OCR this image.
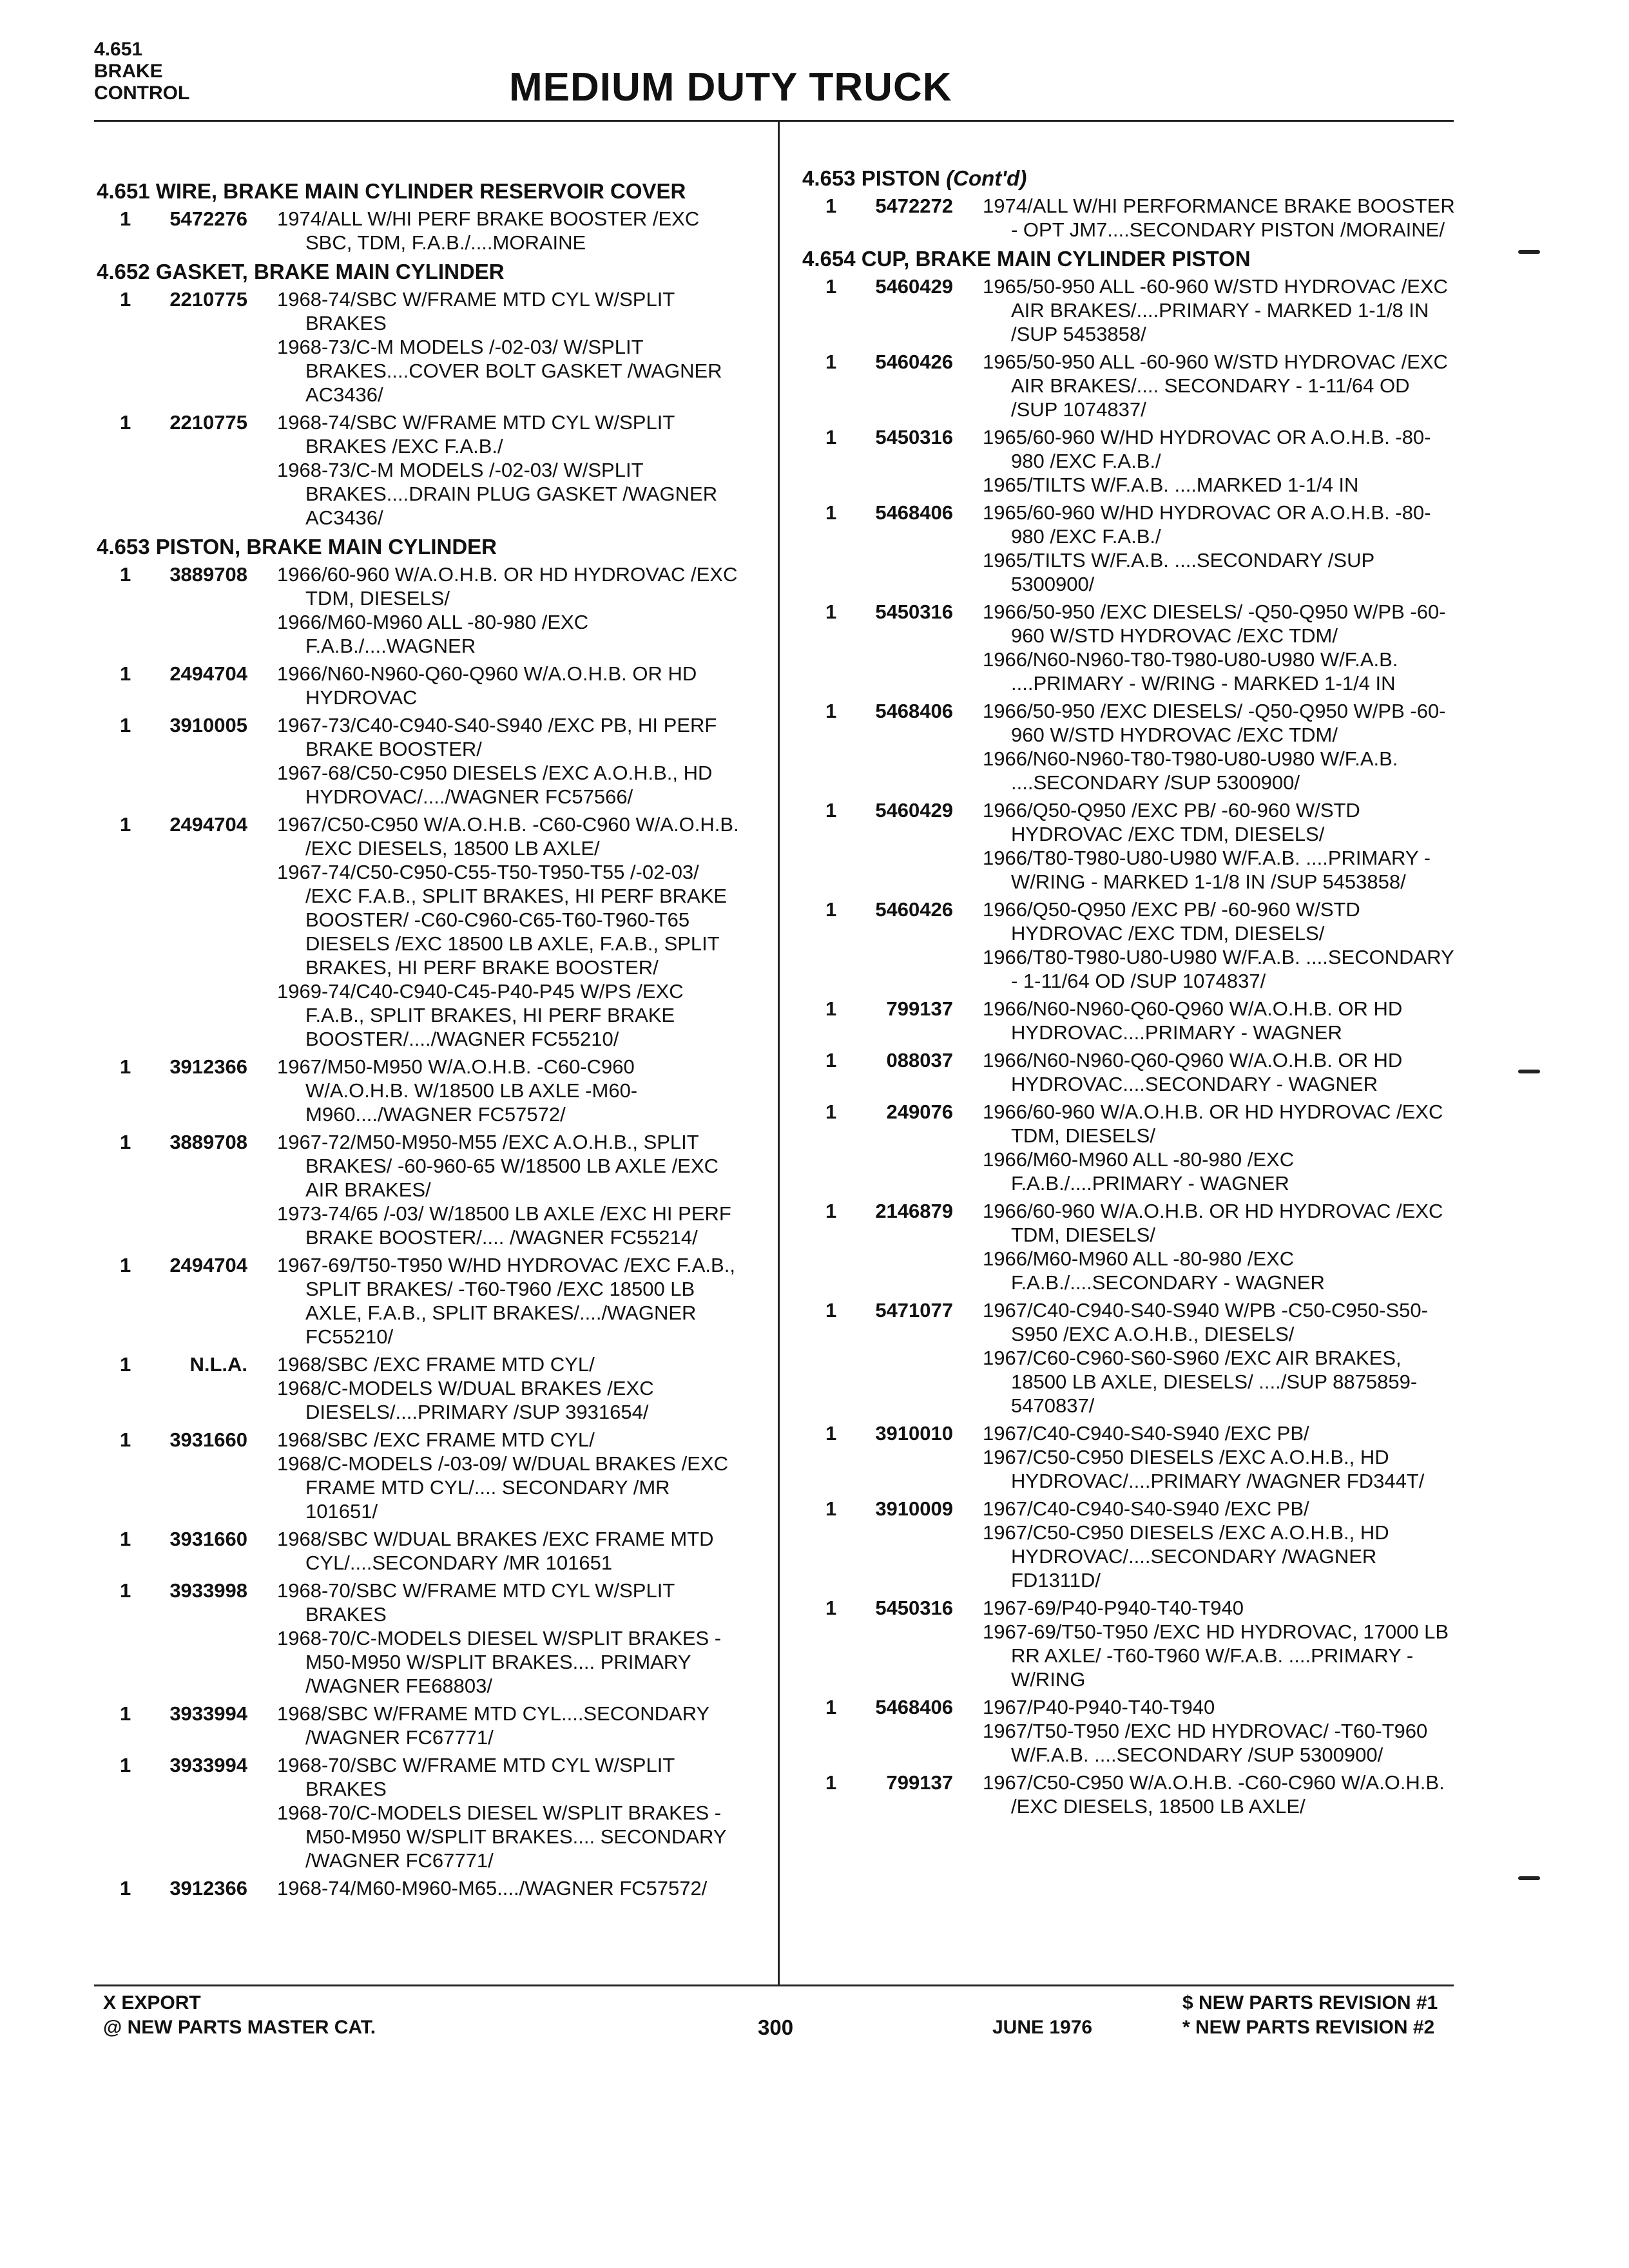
4.651
BRAKE
CONTROL	MEDIUM DUTY TRUCK
4.651 WIRE, BRAKE MAIN CYLINDER RESERVOIR COVER
1	5472276	1974/ALL W/HI PERF BRAKE BOOSTER /EXC SBC, TDM, F.A.B./....MORAINE
4.652 GASKET, BRAKE MAIN CYLINDER
1	2210775	1968-74/SBC W/FRAME MTD CYL W/SPLIT BRAKES
1968-73/C-M MODELS /-02-03/ W/SPLIT BRAKES....COVER BOLT GASKET /WAGNER AC3436/
1	2210775	1968-74/SBC W/FRAME MTD CYL W/SPLIT BRAKES /EXC F.A.B./
1968-73/C-M MODELS /-02-03/ W/SPLIT BRAKES....DRAIN PLUG GASKET /WAGNER AC3436/
4.653 PISTON, BRAKE MAIN CYLINDER
1	3889708	1966/60-960 W/A.O.H.B. OR HD HYDROVAC /EXC TDM, DIESELS/
1966/M60-M960 ALL -80-980 /EXC F.A.B./....WAGNER
1	2494704	1966/N60-N960-Q60-Q960 W/A.O.H.B. OR HD HYDROVAC
1	3910005	1967-73/C40-C940-S40-S940 /EXC PB, HI PERF BRAKE BOOSTER/
1967-68/C50-C950 DIESELS /EXC A.O.H.B., HD HYDROVAC/..../WAGNER FC57566/
1	2494704	1967/C50-C950 W/A.O.H.B. -C60-C960 W/A.O.H.B. /EXC DIESELS, 18500 LB AXLE/
1967-74/C50-C950-C55-T50-T950-T55 /-02-03/ /EXC F.A.B., SPLIT BRAKES, HI PERF BRAKE BOOSTER/ -C60-C960-C65-T60-T960-T65 DIESELS /EXC 18500 LB AXLE, F.A.B., SPLIT BRAKES, HI PERF BRAKE BOOSTER/
1969-74/C40-C940-C45-P40-P45 W/PS /EXC F.A.B., SPLIT BRAKES, HI PERF BRAKE BOOSTER/..../WAGNER FC55210/
1	3912366	1967/M50-M950 W/A.O.H.B. -C60-C960 W/A.O.H.B. W/18500 LB AXLE -M60-M960..../WAGNER FC57572/
1	3889708	1967-72/M50-M950-M55 /EXC A.O.H.B., SPLIT BRAKES/ -60-960-65 W/18500 LB AXLE /EXC AIR BRAKES/
1973-74/65 /-03/ W/18500 LB AXLE /EXC HI PERF BRAKE BOOSTER/.... /WAGNER FC55214/
1	2494704	1967-69/T50-T950 W/HD HYDROVAC /EXC F.A.B., SPLIT BRAKES/ -T60-T960 /EXC 18500 LB AXLE, F.A.B., SPLIT BRAKES/..../WAGNER FC55210/
1	N.L.A.	1968/SBC /EXC FRAME MTD CYL/
1968/C-MODELS W/DUAL BRAKES /EXC DIESELS/....PRIMARY /SUP 3931654/
1	3931660	1968/SBC /EXC FRAME MTD CYL/
1968/C-MODELS /-03-09/ W/DUAL BRAKES /EXC FRAME MTD CYL/.... SECONDARY /MR 101651/
1	3931660	1968/SBC W/DUAL BRAKES /EXC FRAME MTD CYL/....SECONDARY /MR 101651
1	3933998	1968-70/SBC W/FRAME MTD CYL W/SPLIT BRAKES
1968-70/C-MODELS DIESEL W/SPLIT BRAKES -M50-M950 W/SPLIT BRAKES.... PRIMARY /WAGNER FE68803/
1	3933994	1968/SBC W/FRAME MTD CYL....SECONDARY /WAGNER FC67771/
1	3933994	1968-70/SBC W/FRAME MTD CYL W/SPLIT BRAKES
1968-70/C-MODELS DIESEL W/SPLIT BRAKES -M50-M950 W/SPLIT BRAKES.... SECONDARY /WAGNER FC67771/
1	3912366	1968-74/M60-M960-M65..../WAGNER FC57572/
4.653 PISTON (Cont'd)
1	5472272	1974/ALL W/HI PERFORMANCE BRAKE BOOSTER - OPT JM7....SECONDARY PISTON /MORAINE/
4.654 CUP, BRAKE MAIN CYLINDER PISTON
1	5460429	1965/50-950 ALL -60-960 W/STD HYDROVAC /EXC AIR BRAKES/....PRIMARY - MARKED 1-1/8 IN /SUP 5453858/
1	5460426	1965/50-950 ALL -60-960 W/STD HYDROVAC /EXC AIR BRAKES/.... SECONDARY - 1-11/64 OD /SUP 1074837/
1	5450316	1965/60-960 W/HD HYDROVAC OR A.O.H.B. -80-980 /EXC F.A.B./
1965/TILTS W/F.A.B. ....MARKED 1-1/4 IN
1	5468406	1965/60-960 W/HD HYDROVAC OR A.O.H.B. -80-980 /EXC F.A.B./
1965/TILTS W/F.A.B. ....SECONDARY /SUP 5300900/
1	5450316	1966/50-950 /EXC DIESELS/ -Q50-Q950 W/PB -60-960 W/STD HYDROVAC /EXC TDM/
1966/N60-N960-T80-T980-U80-U980 W/F.A.B. ....PRIMARY - W/RING - MARKED 1-1/4 IN
1	5468406	1966/50-950 /EXC DIESELS/ -Q50-Q950 W/PB -60-960 W/STD HYDROVAC /EXC TDM/
1966/N60-N960-T80-T980-U80-U980 W/F.A.B. ....SECONDARY /SUP 5300900/
1	5460429	1966/Q50-Q950 /EXC PB/ -60-960 W/STD HYDROVAC /EXC TDM, DIESELS/
1966/T80-T980-U80-U980 W/F.A.B. ....PRIMARY - W/RING - MARKED 1-1/8 IN /SUP 5453858/
1	5460426	1966/Q50-Q950 /EXC PB/ -60-960 W/STD HYDROVAC /EXC TDM, DIESELS/
1966/T80-T980-U80-U980 W/F.A.B. ....SECONDARY - 1-11/64 OD /SUP 1074837/
1	799137	1966/N60-N960-Q60-Q960 W/A.O.H.B. OR HD HYDROVAC....PRIMARY - WAGNER
1	088037	1966/N60-N960-Q60-Q960 W/A.O.H.B. OR HD HYDROVAC....SECONDARY - WAGNER
1	249076	1966/60-960 W/A.O.H.B. OR HD HYDROVAC /EXC TDM, DIESELS/
1966/M60-M960 ALL -80-980 /EXC F.A.B./....PRIMARY - WAGNER
1	2146879	1966/60-960 W/A.O.H.B. OR HD HYDROVAC /EXC TDM, DIESELS/
1966/M60-M960 ALL -80-980 /EXC F.A.B./....SECONDARY - WAGNER
1	5471077	1967/C40-C940-S40-S940 W/PB -C50-C950-S50-S950 /EXC A.O.H.B., DIESELS/
1967/C60-C960-S60-S960 /EXC AIR BRAKES, 18500 LB AXLE, DIESELS/ ..../SUP 8875859-5470837/
1	3910010	1967/C40-C940-S40-S940 /EXC PB/
1967/C50-C950 DIESELS /EXC A.O.H.B., HD HYDROVAC/....PRIMARY /WAGNER FD344T/
1	3910009	1967/C40-C940-S40-S940 /EXC PB/
1967/C50-C950 DIESELS /EXC A.O.H.B., HD HYDROVAC/....SECONDARY /WAGNER FD1311D/
1	5450316	1967-69/P40-P940-T40-T940
1967-69/T50-T950 /EXC HD HYDROVAC, 17000 LB RR AXLE/ -T60-T960 W/F.A.B. ....PRIMARY - W/RING
1	5468406	1967/P40-P940-T40-T940
1967/T50-T950 /EXC HD HYDROVAC/ -T60-T960 W/F.A.B. ....SECONDARY /SUP 5300900/
1	799137	1967/C50-C950 W/A.O.H.B. -C60-C960 W/A.O.H.B. /EXC DIESELS, 18500 LB AXLE/
X EXPORT
@ NEW PARTS MASTER CAT.	300	JUNE 1976
$ NEW PARTS REVISION #1
* NEW PARTS REVISION #2
